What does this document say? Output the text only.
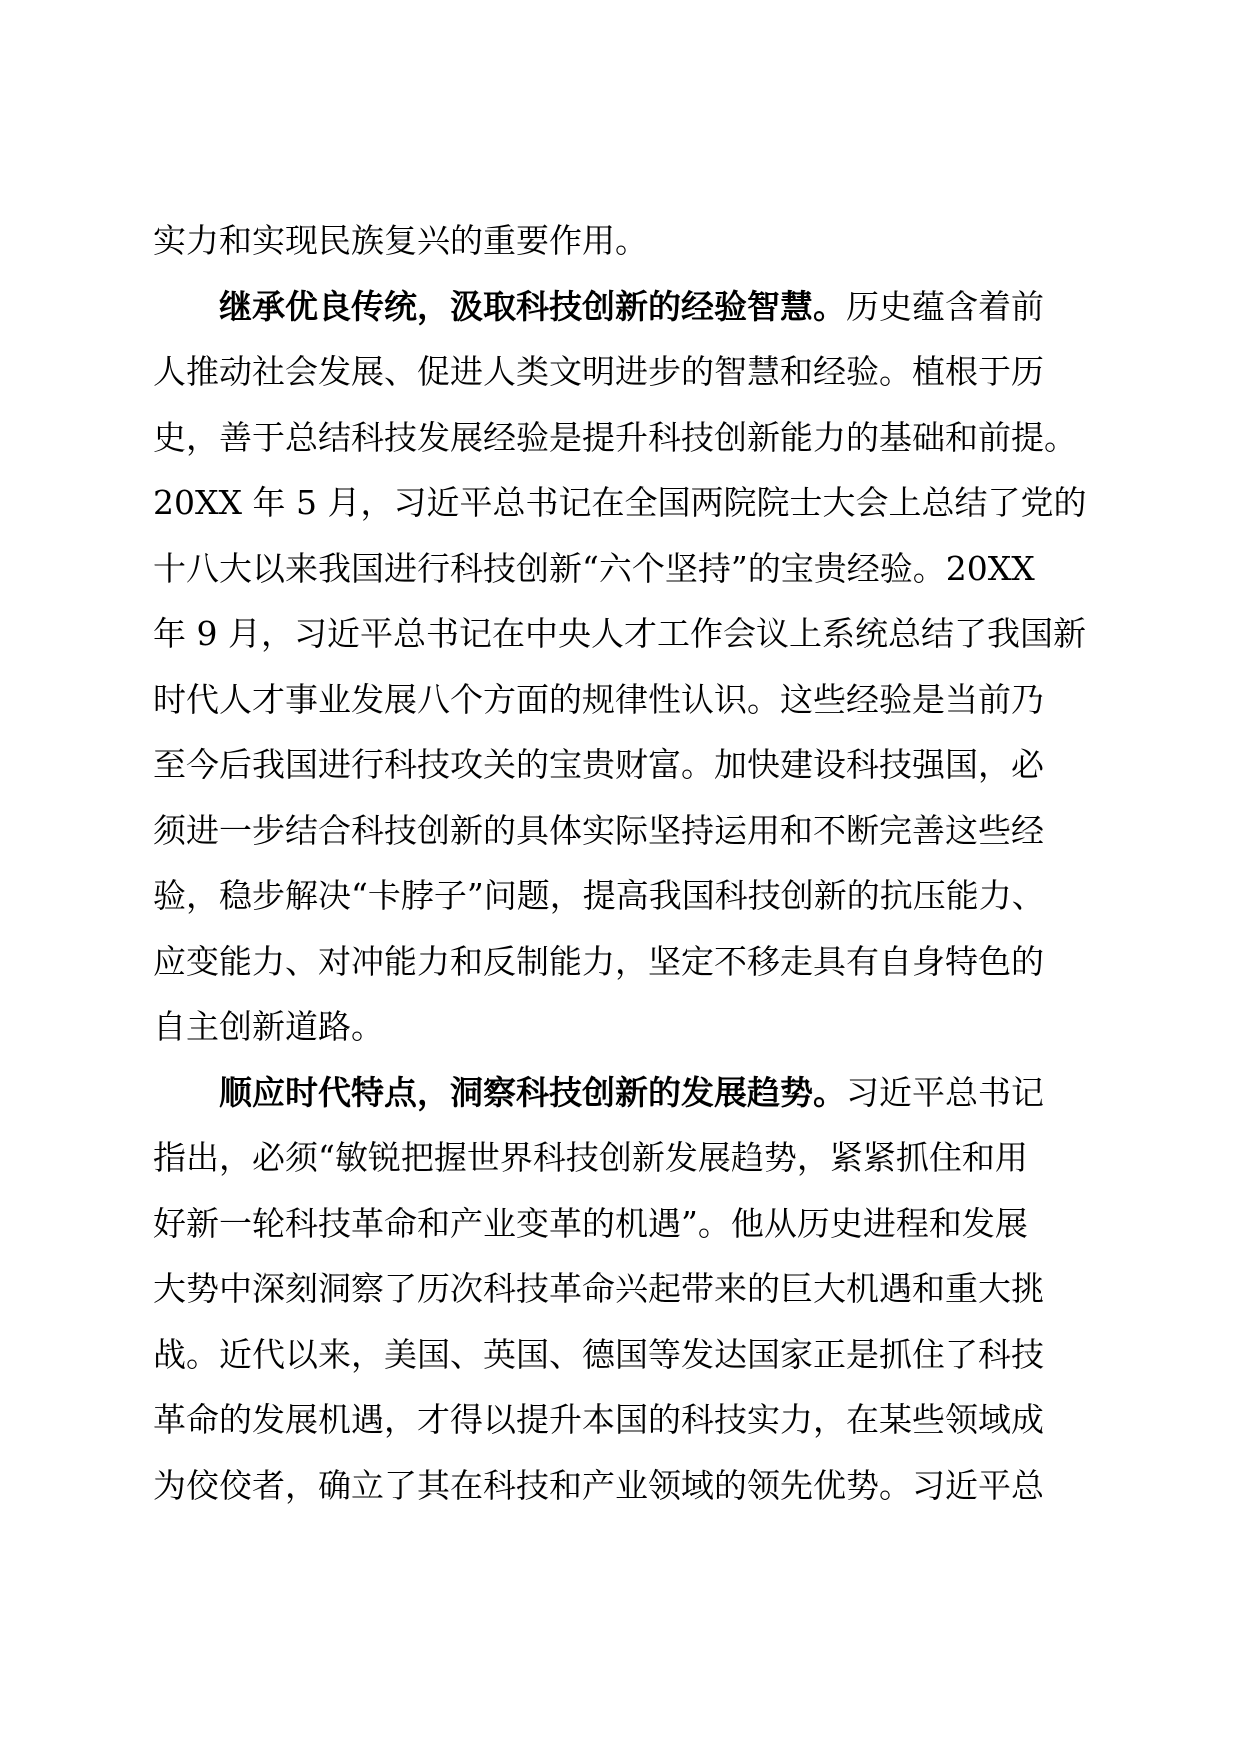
实力和实现民族复兴的重要作用。
继承优良传统，汲取科技创新的经验智慧。历史蕴含着前
人推动社会发展、促进人类文明进步的智慧和经验。植根于历
史，善于总结科技发展经验是提升科技创新能力的基础和前提。
20XX 年 5 月，习近平总书记在全国两院院士大会上总结了党的
十八大以来我国进行科技创新“六个坚持”的宝贵经验。20XX
年 9 月，习近平总书记在中央人才工作会议上系统总结了我国新
时代人才事业发展八个方面的规律性认识。这些经验是当前乃
至今后我国进行科技攻关的宝贵财富。加快建设科技强国，必
须进一步结合科技创新的具体实际坚持运用和不断完善这些经
验，稳步解决“卡脖子”问题，提高我国科技创新的抗压能力、
应变能力、对冲能力和反制能力，坚定不移走具有自身特色的
自主创新道路。
顺应时代特点，洞察科技创新的发展趋势。习近平总书记
指出，必须“敏锐把握世界科技创新发展趋势，紧紧抓住和用
好新一轮科技革命和产业变革的机遇”。他从历史进程和发展
大势中深刻洞察了历次科技革命兴起带来的巨大机遇和重大挑
战。近代以来，美国、英国、德国等发达国家正是抓住了科技
革命的发展机遇，才得以提升本国的科技实力，在某些领域成
为佼佼者，确立了其在科技和产业领域的领先优势。习近平总
